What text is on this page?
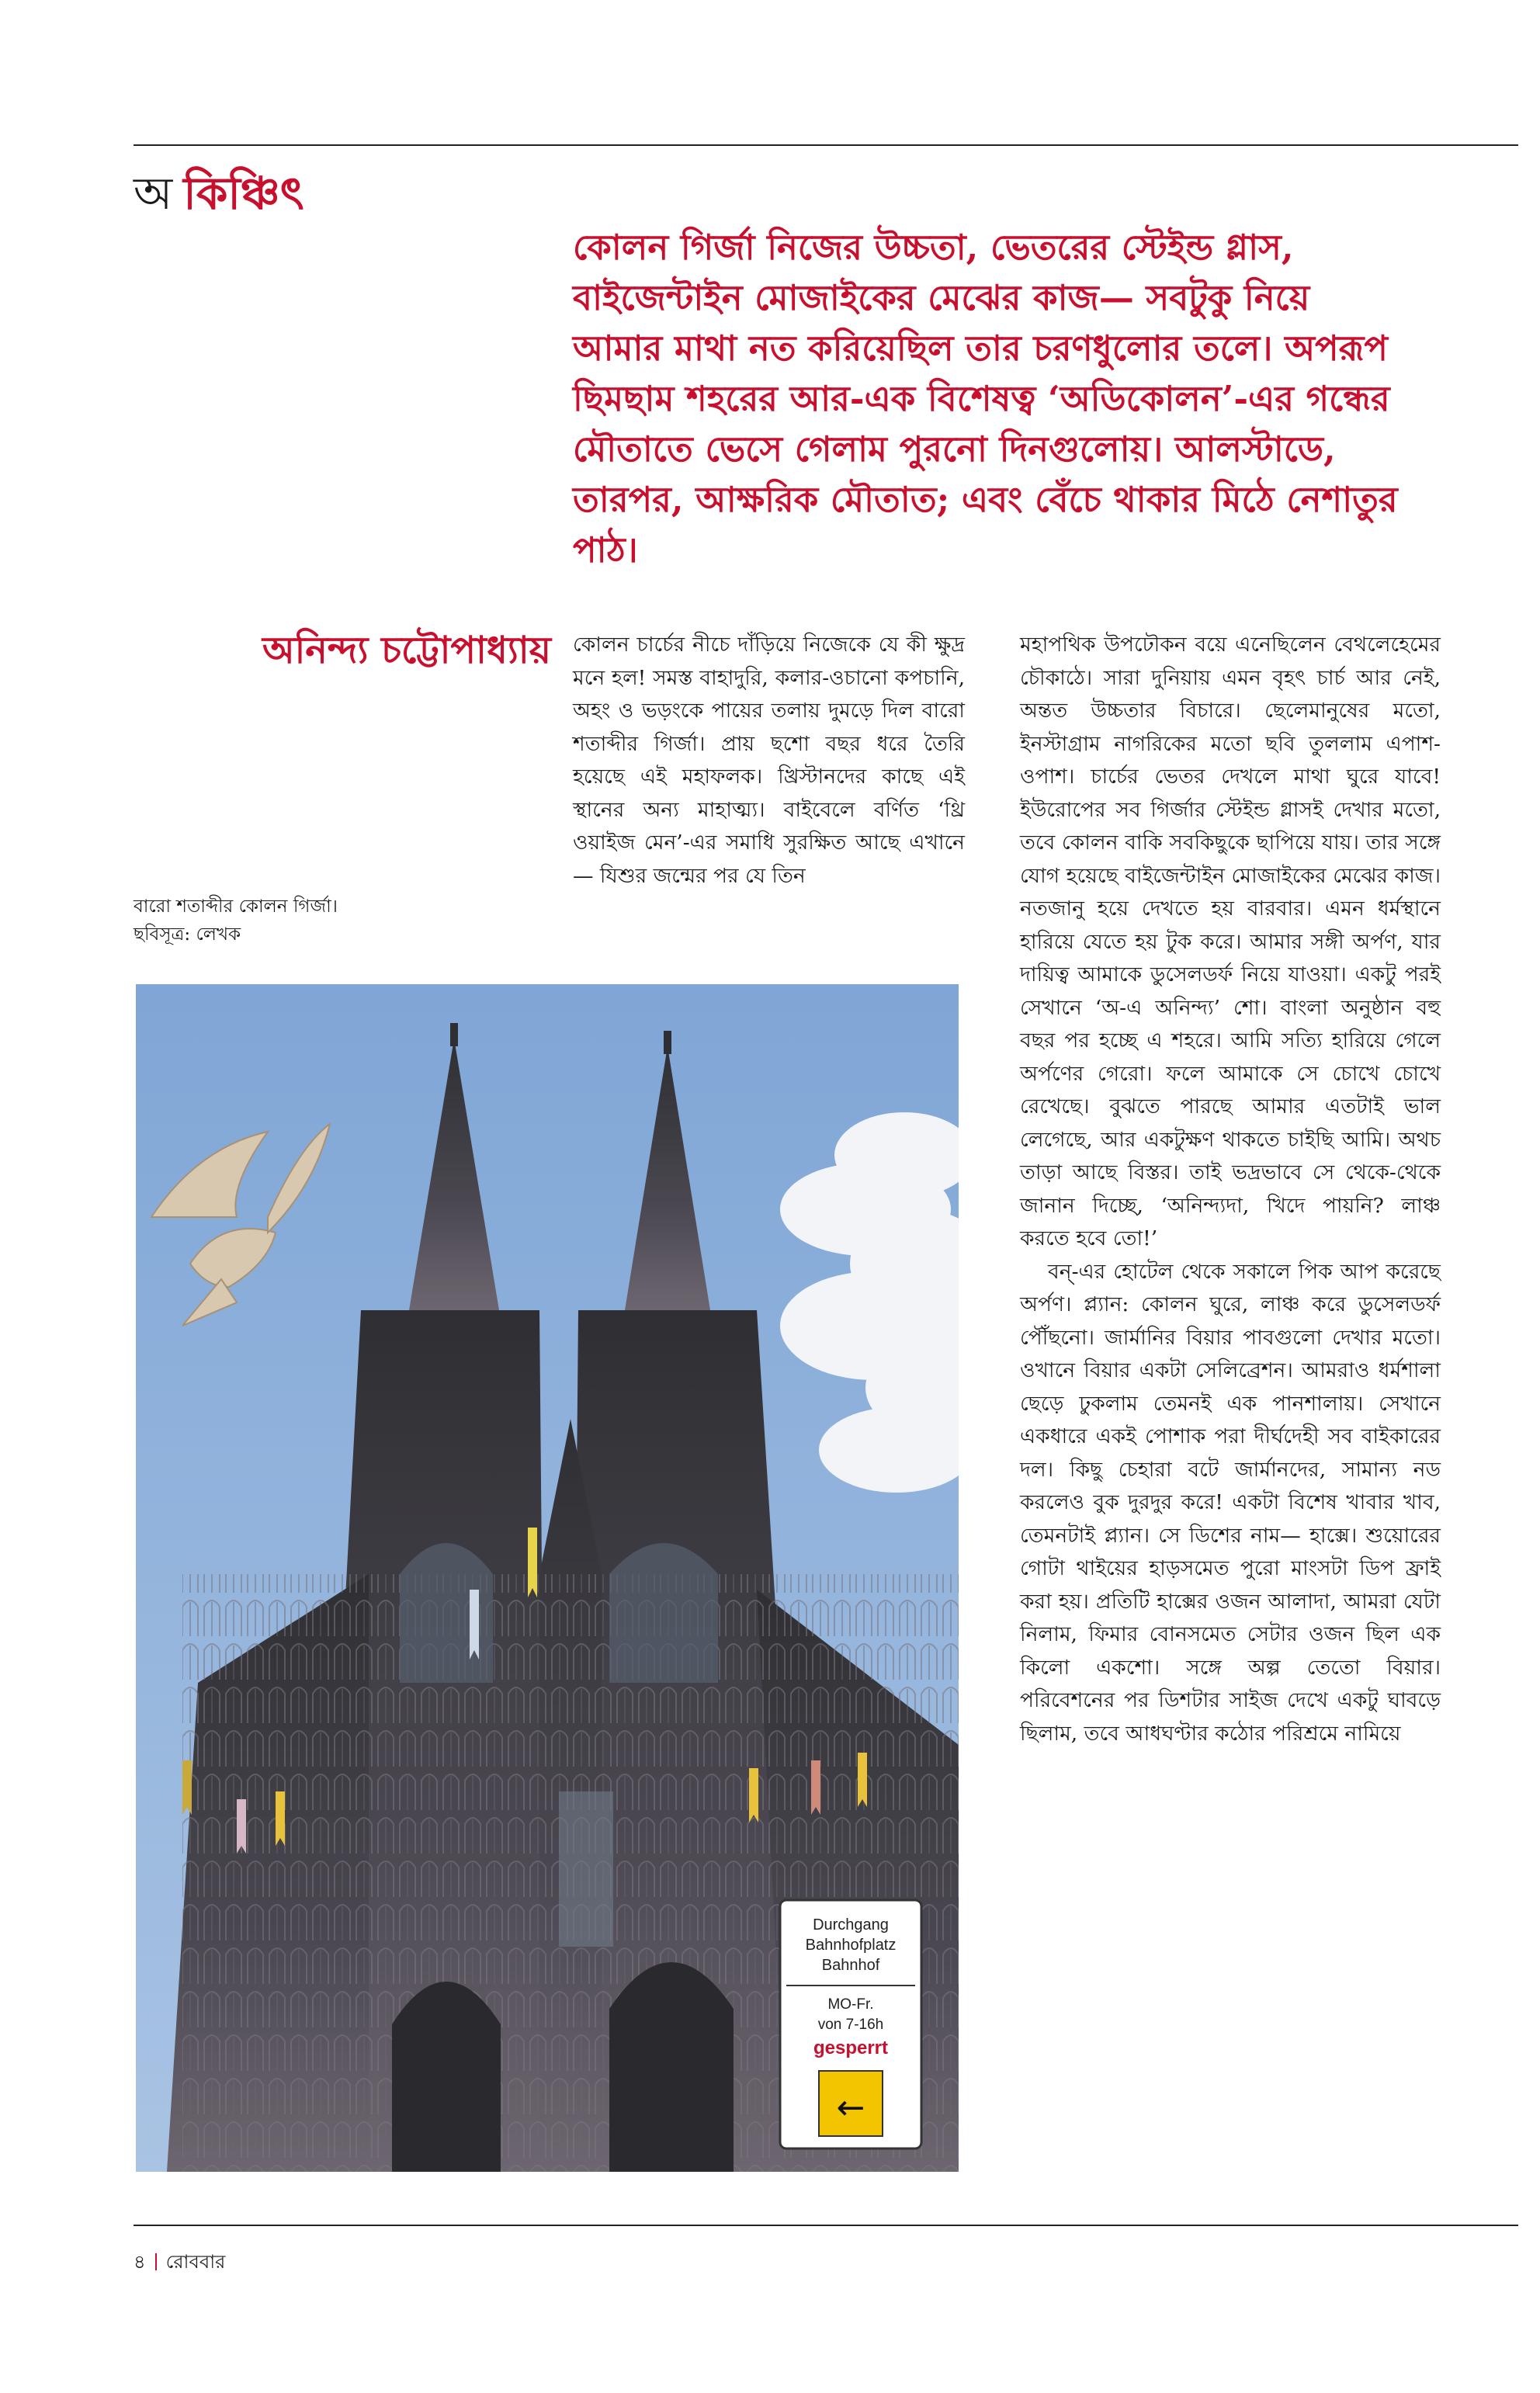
অ কিঞ্চিৎ

কোলন গির্জা নিজের উচ্চতা, ভেতরের স্টেইন্ড গ্লাস, বাইজেন্টাইন মোজাইকের মেঝের কাজ— সবটুকু নিয়ে আমার মাথা নত করিয়েছিল তার চরণধুলোর তলে। অপরূপ ছিমছাম শহরের আর-এক বিশেষত্ব ‘অডিকোলন’-এর গন্ধের মৌতাতে ভেসে গেলাম পুরনো দিনগুলোয়। আলস্টাডে, তারপর, আক্ষরিক মৌতাত; এবং বেঁচে থাকার মিঠে নেশাতুর পাঠ।

অনিন্দ্য চট্টোপাধ্যায় কোলন চার্চের নীচে দাঁড়িয়ে নিজেকে যে কী ক্ষুদ্র মনে হল! সমস্ত বাহাদুরি, কলার-ওচানো কপচানি, অহং ও ভড়ংকে পায়ের তলায় দুমড়ে দিল বারো শতাব্দীর গির্জা। প্রায় ছশো বছর ধরে তৈরি হয়েছে এই মহাফলক। খ্রিস্টানদের কাছে এই স্থানের অন্য মাহাত্ম্য। বাইবেলে বর্ণিত ‘থ্রি ওয়াইজ মেন’-এর সমাধি সুরক্ষিত আছে এখানে— যিশুর জন্মের পর যে তিন

মহাপথিক উপঢৌকন বয়ে এনেছিলেন বেথলেহেমের চৌকাঠে। সারা দুনিয়ায় এমন বৃহৎ চার্চ আর নেই, অন্তত উচ্চতার বিচারে। ছেলেমানুষের মতো, ইনস্টাগ্রাম নাগরিকের মতো ছবি তুললাম এপাশ-ওপাশ। চার্চের ভেতর দেখলে মাথা ঘুরে যাবে! ইউরোপের সব গির্জার স্টেইন্ড গ্লাসই দেখার মতো, তবে কোলন বাকি সবকিছুকে ছাপিয়ে যায়। তার সঙ্গে যোগ হয়েছে বাইজেন্টাইন মোজাইকের মেঝের কাজ। নতজানু হয়ে দেখতে হয় বারবার। এমন ধর্মস্থানে হারিয়ে যেতে হয় টুক করে। আমার সঙ্গী অর্পণ, যার দায়িত্ব আমাকে ডুসেলডর্ফ নিয়ে যাওয়া। একটু পরই সেখানে ‘অ-এ অনিন্দ্য’ শো। বাংলা অনুষ্ঠান বহু বছর পর হচ্ছে এ শহরে। আমি সত্যি হারিয়ে গেলে অর্পণের গেরো। ফলে আমাকে সে চোখে চোখে রেখেছে। বুঝতে পারছে আমার এতটাই ভাল লেগেছে, আর একটুক্ষণ থাকতে চাইছি আমি। অথচ তাড়া আছে বিস্তর। তাই ভদ্রভাবে সে থেকে-থেকে জানান দিচ্ছে, ‘অনিন্দ্যদা, খিদে পায়নি? লাঞ্চ করতে হবে তো!’

বন্-এর হোটেল থেকে সকালে পিক আপ করেছে অর্পণ। প্ল্যান: কোলন ঘুরে, লাঞ্চ করে ডুসেলডর্ফ পৌঁছনো। জার্মানির বিয়ার পাবগুলো দেখার মতো। ওখানে বিয়ার একটা সেলিব্রেশন। আমরাও ধর্মশালা ছেড়ে ঢুকলাম তেমনই এক পানশালায়। সেখানে একধারে একই পোশাক পরা দীর্ঘদেহী সব বাইকারের দল। কিছু চেহারা বটে জার্মানদের, সামান্য নড করলেও বুক দুরদুর করে! একটা বিশেষ খাবার খাব, তেমনটাই প্ল্যান। সে ডিশের নাম— হাক্সে। শুয়োরের গোটা থাইয়ের হাড়সমেত পুরো মাংসটা ডিপ ফ্রাই করা হয়। প্রতিটি হাক্সের ওজন আলাদা, আমরা যেটা নিলাম, ফিমার বোনসমেত সেটার ওজন ছিল এক কিলো একশো। সঙ্গে অল্প তেতো বিয়ার। পরিবেশনের পর ডিশটার সাইজ দেখে একটু ঘাবড়ে ছিলাম, তবে আধঘণ্টার কঠোর পরিশ্রমে নামিয়ে

বারো শতাব্দীর কোলন গির্জা।
ছবিসূত্র: লেখক
Durchgang
Bahnhofplatz
Bahnhof
MO-Fr.
von 7-16h
gesperrt
←
৪ রোববার
